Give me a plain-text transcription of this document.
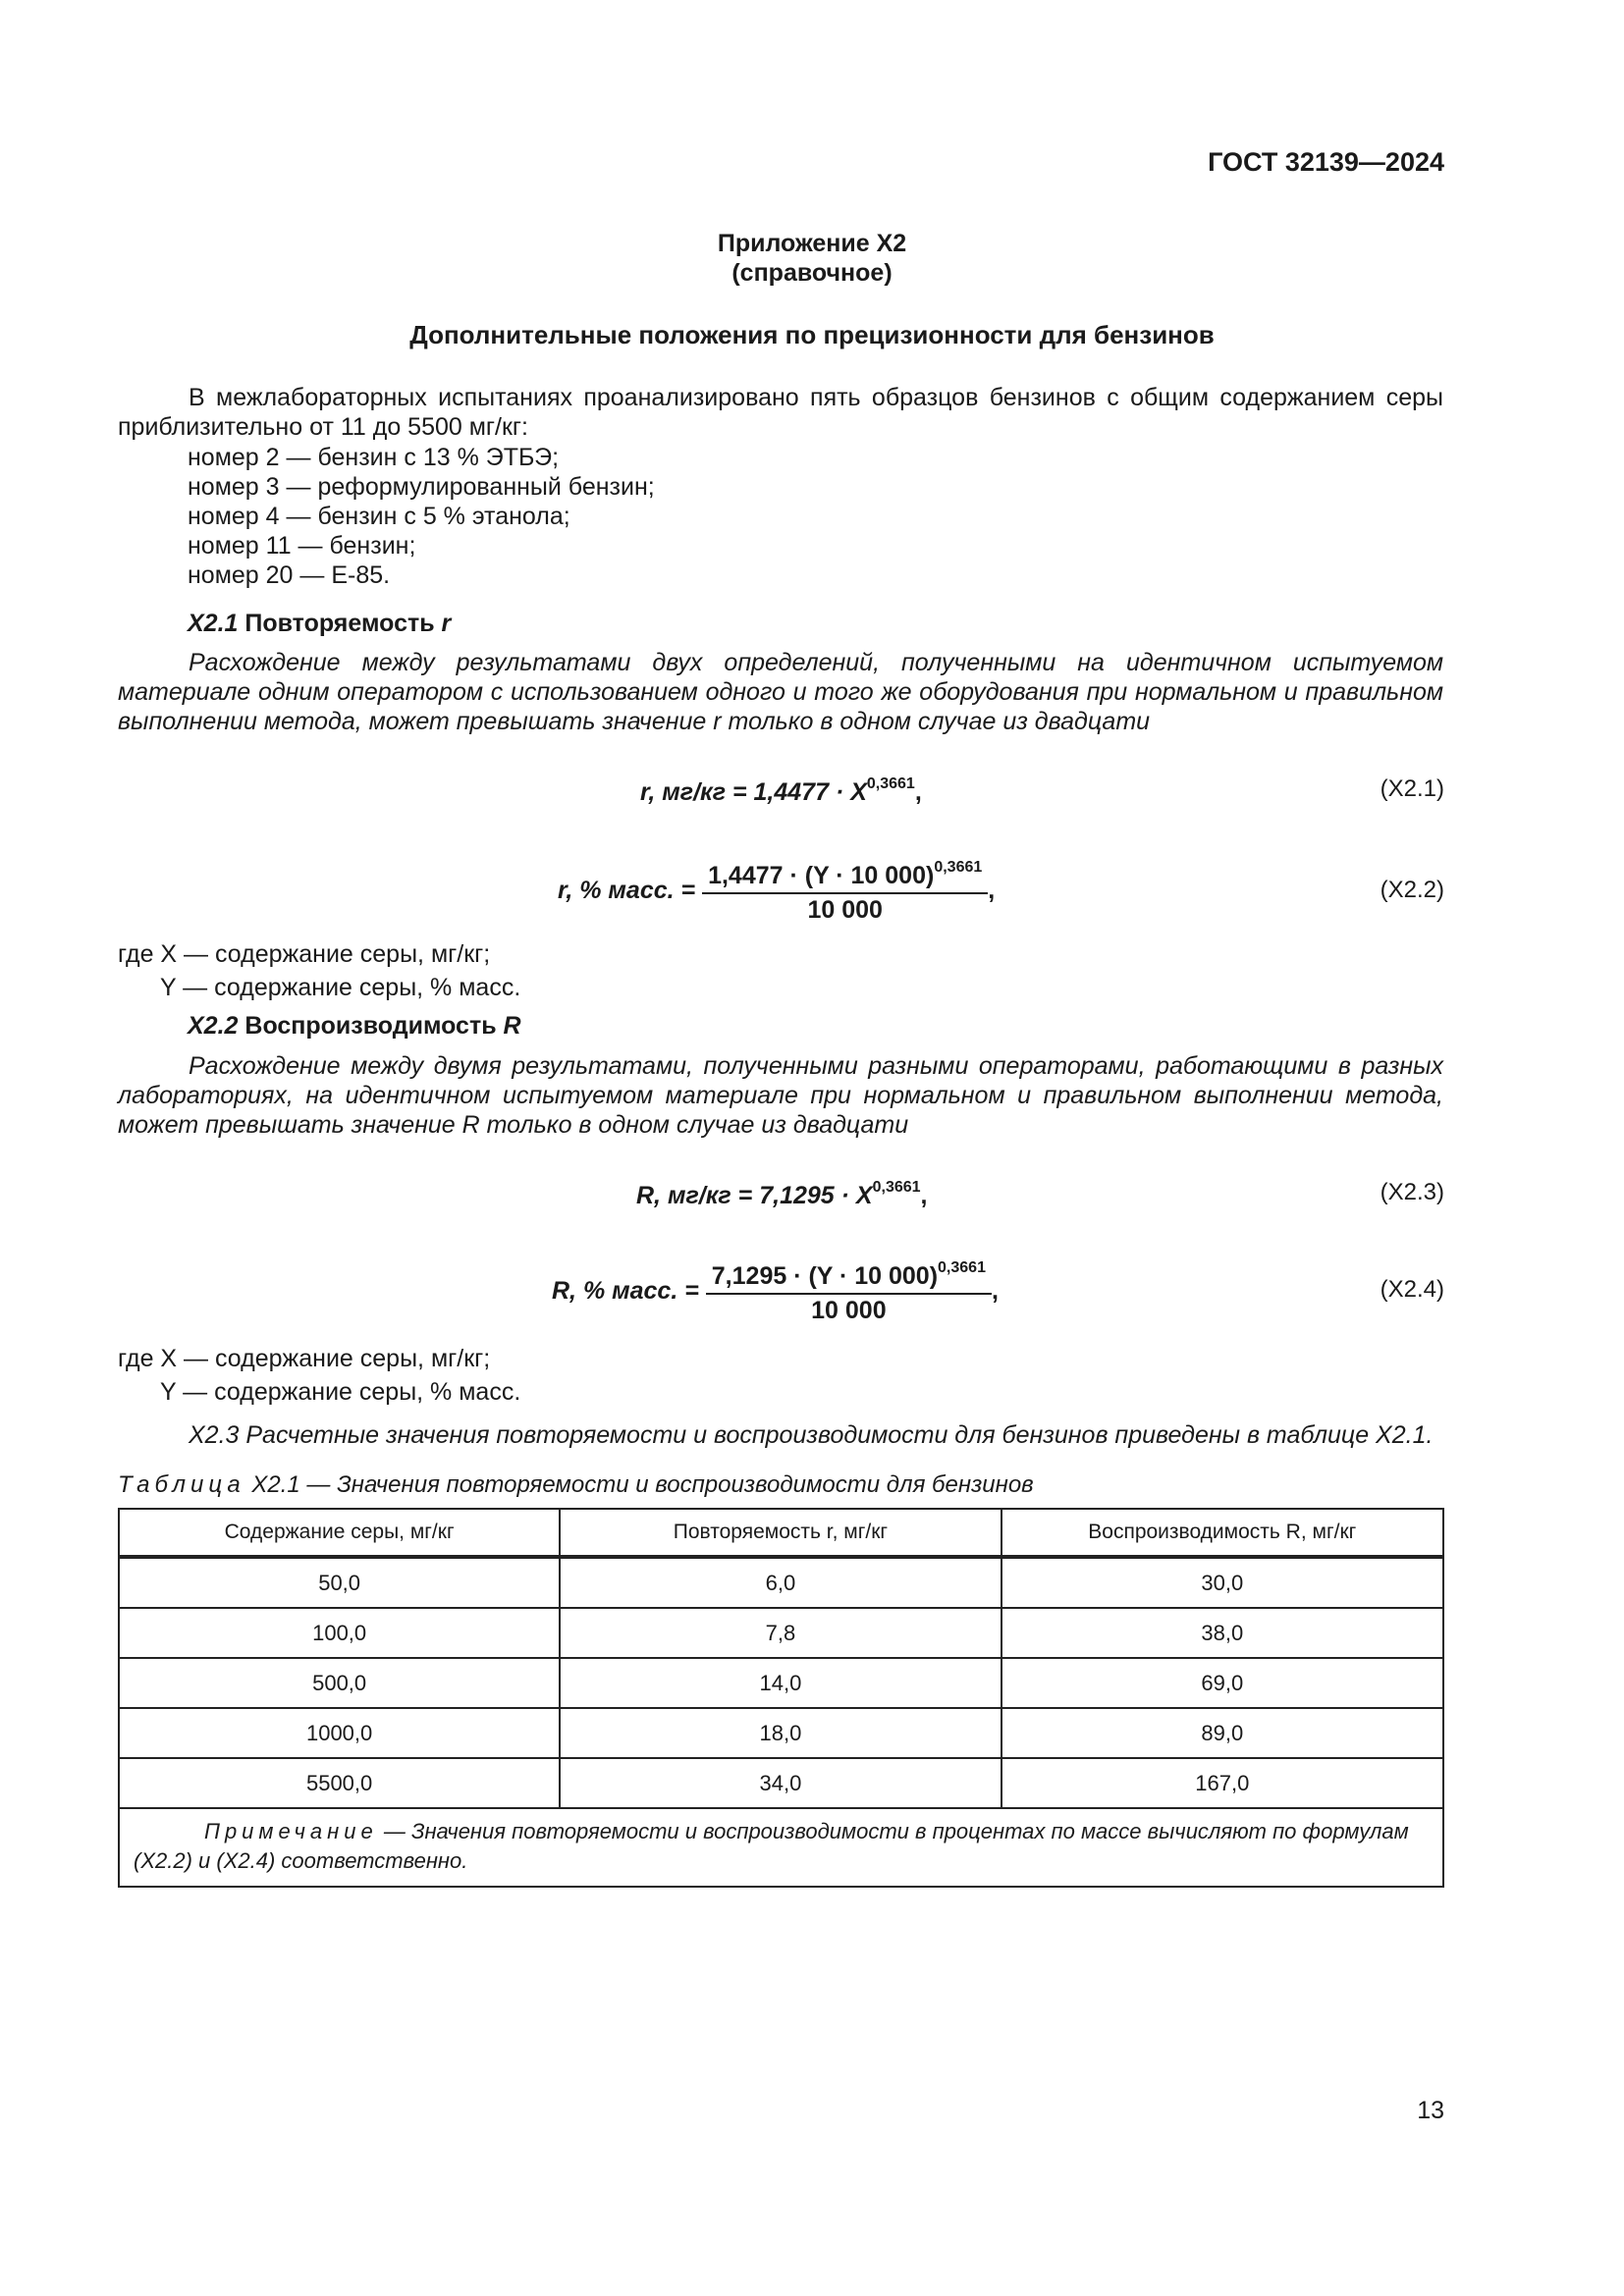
ГОСТ 32139—2024
Приложение Х2
(справочное)
Дополнительные положения по прецизионности для бензинов
В межлабораторных испытаниях проанализировано пять образцов бензинов с общим содержанием серы приблизительно от 11 до 5500 мг/кг:
номер 2 — бензин с 13 % ЭТБЭ;
номер 3 — реформулированный бензин;
номер 4 — бензин с 5 % этанола;
номер 11 — бензин;
номер 20 — Е-85.
Х2.1 Повторяемость r
Расхождение между результатами двух определений, полученными на идентичном испытуемом материале одним оператором с использованием одного и того же оборудования при нормальном и правильном выполнении метода, может превышать значение r только в одном случае из двадцати
r, $мг/кг = 1,4477 \cdot X^{0,3661}$,	(Х2.1)
r, % масс. = $\frac{1,4477 \cdot (Y \cdot 10 000)^{0,3661}}{10 000}$ ,	(Х2.2)
где X — содержание серы, мг/кг;
Y — содержание серы, % масс.
Х2.2 Воспроизводимость R
Расхождение между двумя результатами, полученными разными операторами, работающими в разных лабораториях, на идентичном испытуемом материале при нормальном и правильном выполнении метода, может превышать значение R только в одном случае из двадцати
R, $мг/кг = 7,1295 \cdot X^{0,3661}$,	(Х2.3)
R, % масс. = $\frac{7,1295 \cdot (Y \cdot 10 000)^{0,3661}}{10 000}$ ,	(Х2.4)
где X — содержание серы, мг/кг;
Y — содержание серы, % масс.
Х2.3 Расчетные значения повторяемости и воспроизводимости для бензинов приведены в таблице Х2.1.
Таблица Х2.1 — Значения повторяемости и воспроизводимости для бензинов
Содержание серы, мг/кг	Повторяемость r, мг/кг	Воспроизводимость R, мг/кг
50,0	6,0	30,0
100,0	7,8	38,0
500,0	14,0	69,0
1000,0	18,0	89,0
5500,0	34,0	167,0
Примечание — Значения повторяемости и воспроизводимости в процентах по массе вычисляют по формулам (Х2.2) и (Х2.4) соответственно.		
13
